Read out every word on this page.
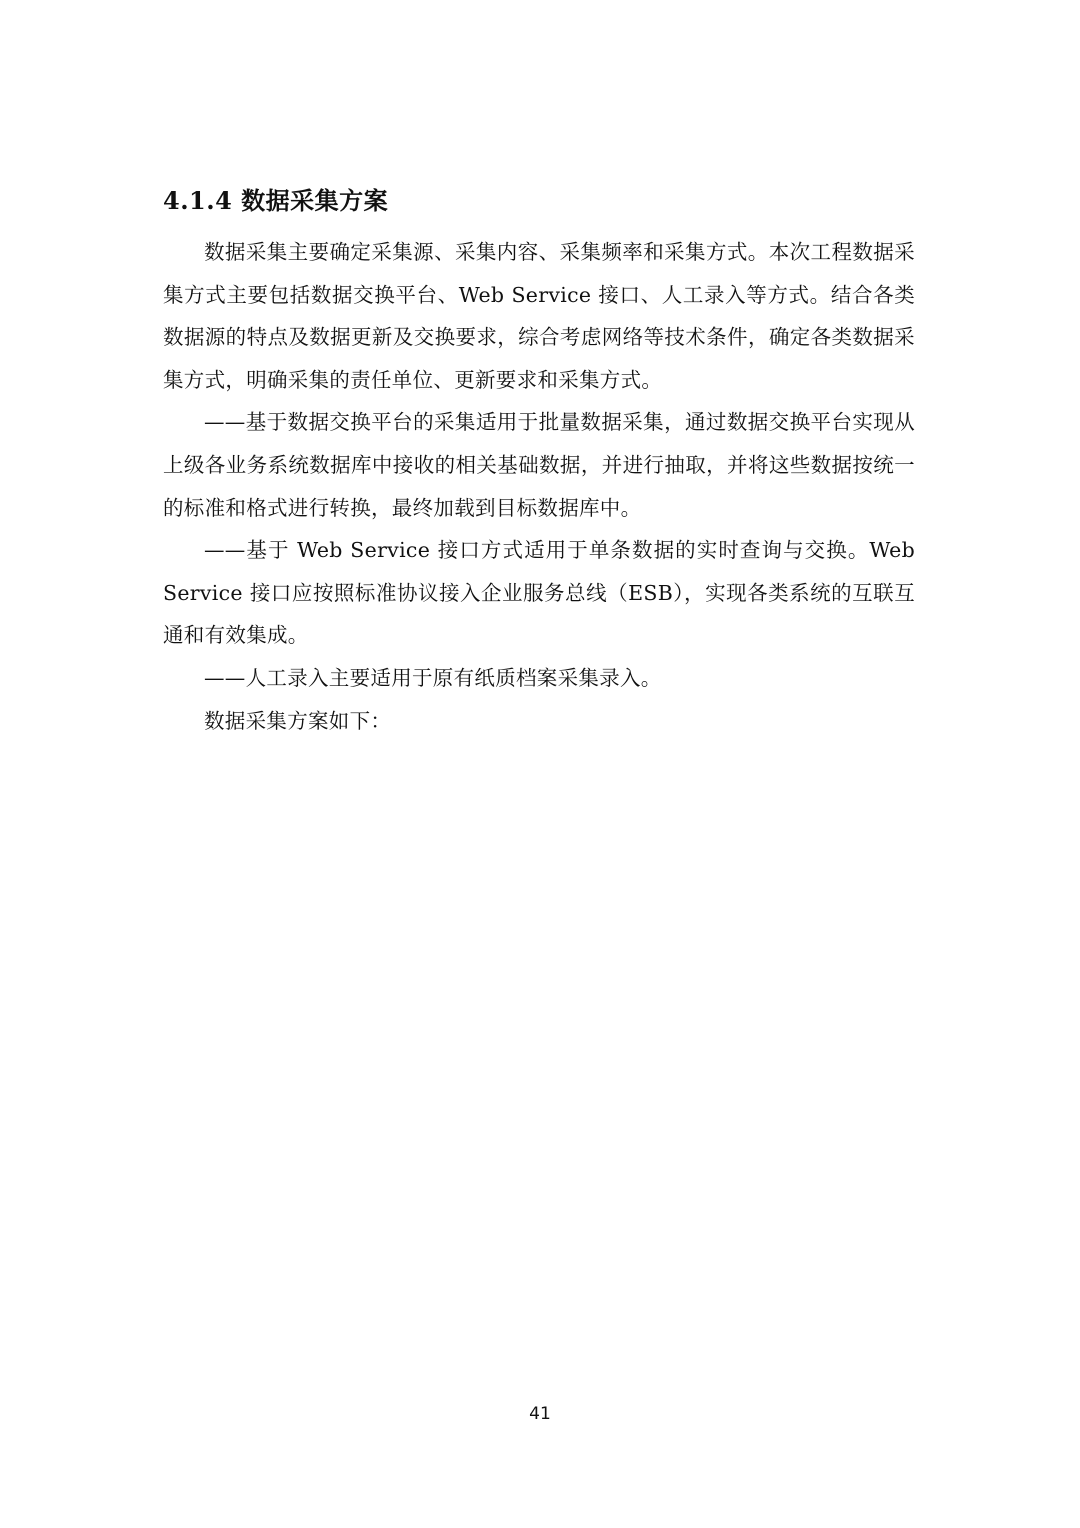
4.1.4 数据采集方案

数据采集主要确定采集源、采集内容、采集频率和采集方式。本次工程数据采集方式主要包括数据交换平台、Web Service 接口、人工录入等方式。结合各类数据源的特点及数据更新及交换要求，综合考虑网络等技术条件，确定各类数据采集方式，明确采集的责任单位、更新要求和采集方式。

——基于数据交换平台的采集适用于批量数据采集，通过数据交换平台实现从上级各业务系统数据库中接收的相关基础数据，并进行抽取，并将这些数据按统一的标准和格式进行转换，最终加载到目标数据库中。

——基于 Web Service 接口方式适用于单条数据的实时查询与交换。Web Service 接口应按照标准协议接入企业服务总线（ESB），实现各类系统的互联互通和有效集成。

——人工录入主要适用于原有纸质档案采集录入。

数据采集方案如下：

41
